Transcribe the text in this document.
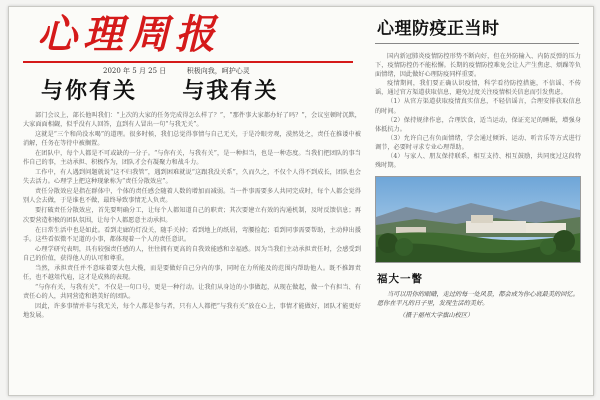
心理周报
2020 年 5 月 25 日	积极向我，呵护心灵
与你有关 与我有关

部门会议上，部长他叫我们：“上次的大家的任务完成得怎么样了？”，“那件事大家都办好了吗？”，会议室顿时沉默，大家面面相觑，似乎没有人回答，直到有人冒出一句“与我无关”。

这就是“三个和尚没水喝”的道理。很多时候，我们总觉得事情与自己无关，于是冷眼旁观，漠然处之，责任在推诿中被消解，任务在等待中被搁置。

在团队中，每个人都是不可或缺的一分子。“与你有关，与我有关”，是一种担当，也是一种态度。当我们把团队的事当作自己的事，主动承担、积极作为，团队才会有凝聚力和战斗力。

工作中，有人遇到问题就说“这不归我管”，遇到困难就说“这跟我没关系”，久而久之，不仅个人得不到成长，团队也会失去活力。心理学上把这种现象称为“责任分散效应”。

责任分散效应是指在群体中，个体的责任感会随着人数的增加而减弱。当一件事需要多人共同完成时，每个人都会觉得别人会去做，于是谁也不做，最终导致事情无人负责。

要打破责任分散效应，首先要明确分工，让每个人都知道自己的职责；其次要建立有效的沟通机制，及时反馈信息；再次要营造积极的团队氛围，让每个人都愿意主动承担。

在日常生活中也是如此。看到走廊的灯没关，随手关掉；看到地上的纸屑，弯腰捡起；看到同事需要帮助，主动伸出援手。这些看似微不足道的小事，都体现着一个人的责任意识。

心理学研究表明，具有较强责任感的人，往往拥有更高的自我效能感和幸福感。因为当我们主动承担责任时，会感受到自己的价值，获得他人的认可和尊重。

当然，承担责任并不意味着要大包大揽，而是要做好自己分内的事，同时在力所能及的范围内帮助他人。既不推卸责任，也不越俎代庖，这才是成熟的表现。

“与你有关，与我有关”，不仅是一句口号，更是一种行动。让我们从身边的小事做起，从现在做起，做一个有担当、有责任心的人，共同营造和谐美好的团队。

因此，许多事情并非与我无关，每个人都是参与者，只有人人都把“与我有关”放在心上，事情才能做好，团队才能更好地发展。

心理防疫正当时

国内新冠肺炎疫情防控形势不断向好，但在外防输入、内防反弹的压力下，疫情防控仍不能松懈。长期的疫情防控难免会让人产生焦虑、烦躁等负面情绪，因此做好心理防疫同样重要。

疫情期间，我们要正确认识疫情，科学看待防控措施，不信谣、不传谣，通过官方渠道获取信息，避免过度关注疫情相关信息而引发焦虑。

（1）从官方渠道获取疫情真实信息，不轻信谣言，合理安排获取信息的时间。

（2）保持规律作息，合理饮食，适当运动，保证充足的睡眠，增强身体抵抗力。

（3）允许自己有负面情绪，学会通过倾诉、运动、听音乐等方式进行调节，必要时寻求专业心理帮助。

（4）与家人、朋友保持联系，相互支持、相互鼓励，共同度过这段特殊时期。

福大一瞥

当可以用你的眼睛，走过的每一处风景，都会成为你心底最美的回忆。愿你在平凡的日子里，发现生活的美好。

（摄于福州大学旗山校区）
